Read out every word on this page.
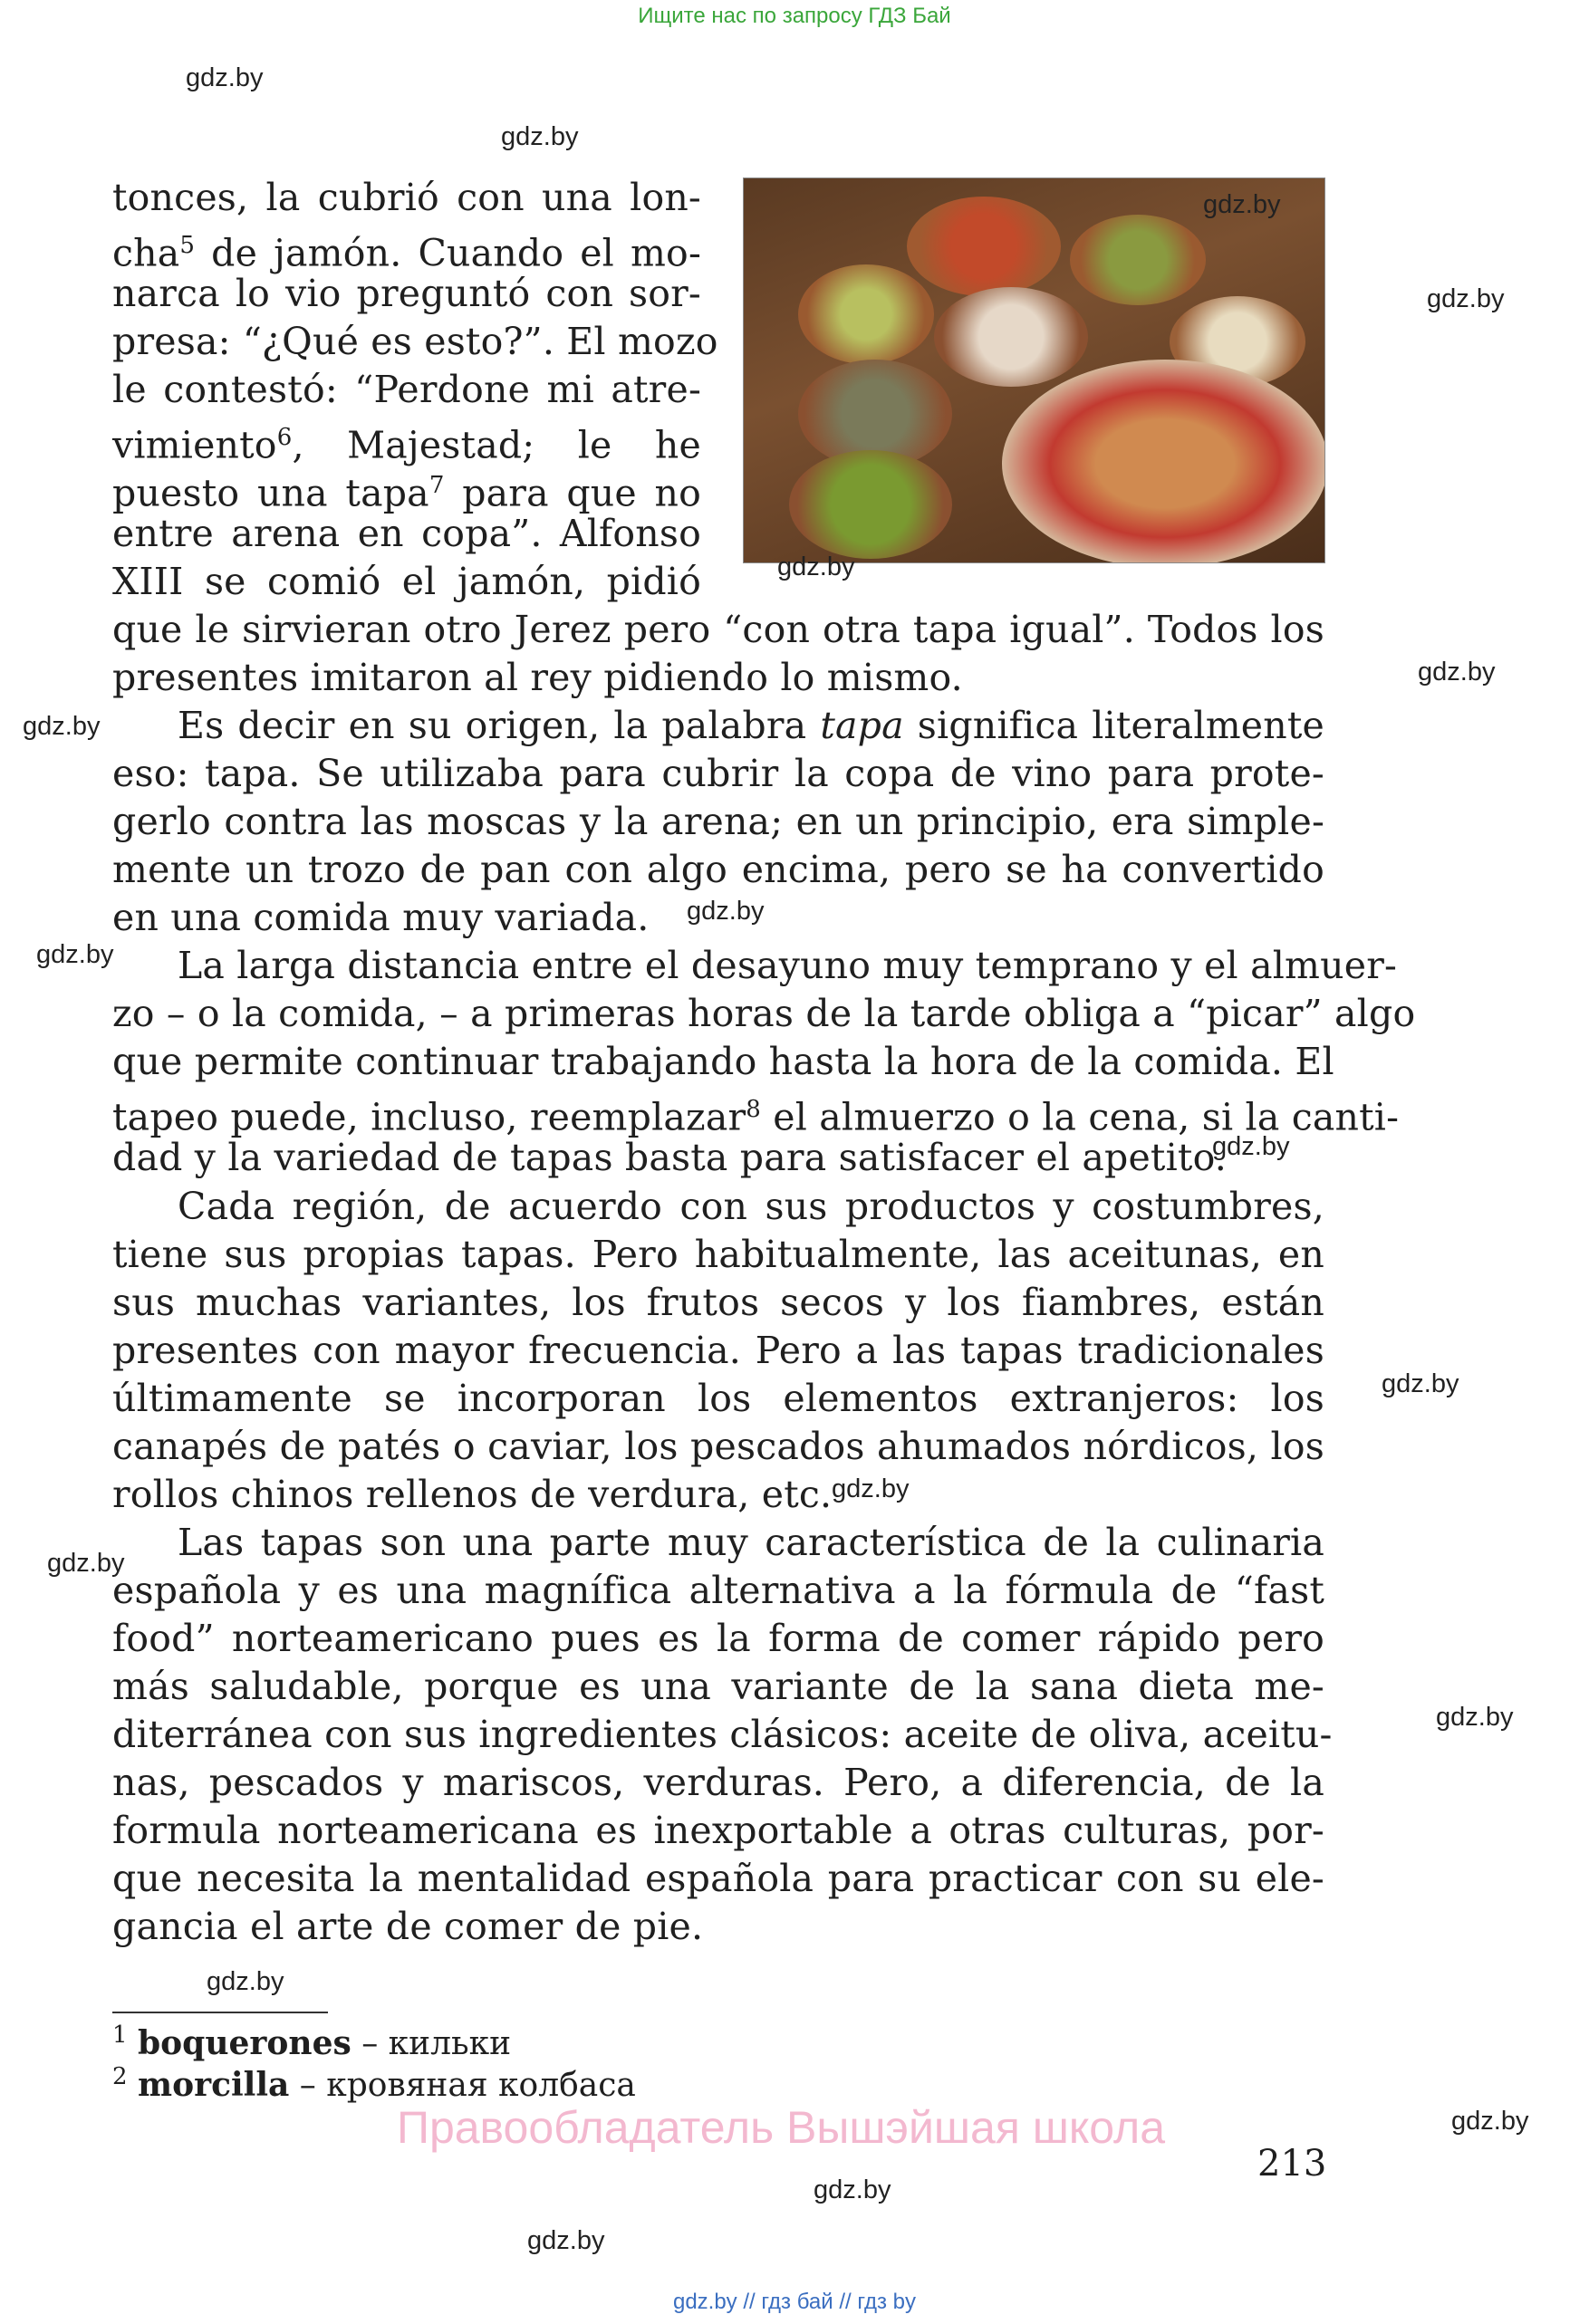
Ищите нас по запросу ГДЗ Бай
tonces, la cubrió con una lon-
cha$^5$ de jamón. Cuando el mo-
narca lo vio preguntó con sor-
presa: “¿Qué es esto?”. El mozo
le contestó: “Perdone mi atre-
vimiento$^6$, Majestad; le he
puesto una tapa$^7$ para que no
entre arena en copa”. Alfonso
XIII se comió el jamón, pidió
que le sirvieran otro Jerez pero “con otra tapa igual”. Todos los
presentes imitaron al rey pidiendo lo mismo.
Es decir en su origen, la palabra tapa significa literalmente
eso: tapa. Se utilizaba para cubrir la copa de vino para prote-
gerlo contra las moscas y la arena; en un principio, era simple-
mente un trozo de pan con algo encima, pero se ha convertido
en una comida muy variada.
La larga distancia entre el desayuno muy temprano y el almuer-
zo – o la comida, – a primeras horas de la tarde obliga a “picar” algo
que permite continuar trabajando hasta la hora de la comida. El
tapeo puede, incluso, reemplazar$^8$ el almuerzo o la cena, si la canti-
dad y la variedad de tapas basta para satisfacer el apetito.
Cada región, de acuerdo con sus productos y costumbres,
tiene sus propias tapas. Pero habitualmente, las aceitunas, en
sus muchas variantes, los frutos secos y los fiambres, están
presentes con mayor frecuencia. Pero a las tapas tradicionales
últimamente se incorporan los elementos extranjeros: los
canapés de patés o caviar, los pescados ahumados nórdicos, los
rollos chinos rellenos de verdura, etc.
Las tapas son una parte muy característica de la culinaria
española y es una magnífica alternativa a la fórmula de “fast
food” norteamericano pues es la forma de comer rápido pero
más saludable, porque es una variante de la sana dieta me-
diterránea con sus ingredientes clásicos: aceite de oliva, aceitu-
nas, pescados y mariscos, verduras. Pero, a diferencia, de la
formula norteamericana es inexportable a otras culturas, por-
que necesita la mentalidad española para practicar con su ele-
gancia el arte de comer de pie.
$^1$ boquerones – кильки
$^2$ morcilla – кровяная колбаса
Правообладатель Вышэйшая школа
213
gdz.by
gdz.by
gdz.by
gdz.by
gdz.by
gdz.by
gdz.by
gdz.by
gdz.by
gdz.by
gdz.by
gdz.by
gdz.by
gdz.by
gdz.by
gdz.by
gdz.by
gdz.by
gdz.by // гдз бай // гдз by
